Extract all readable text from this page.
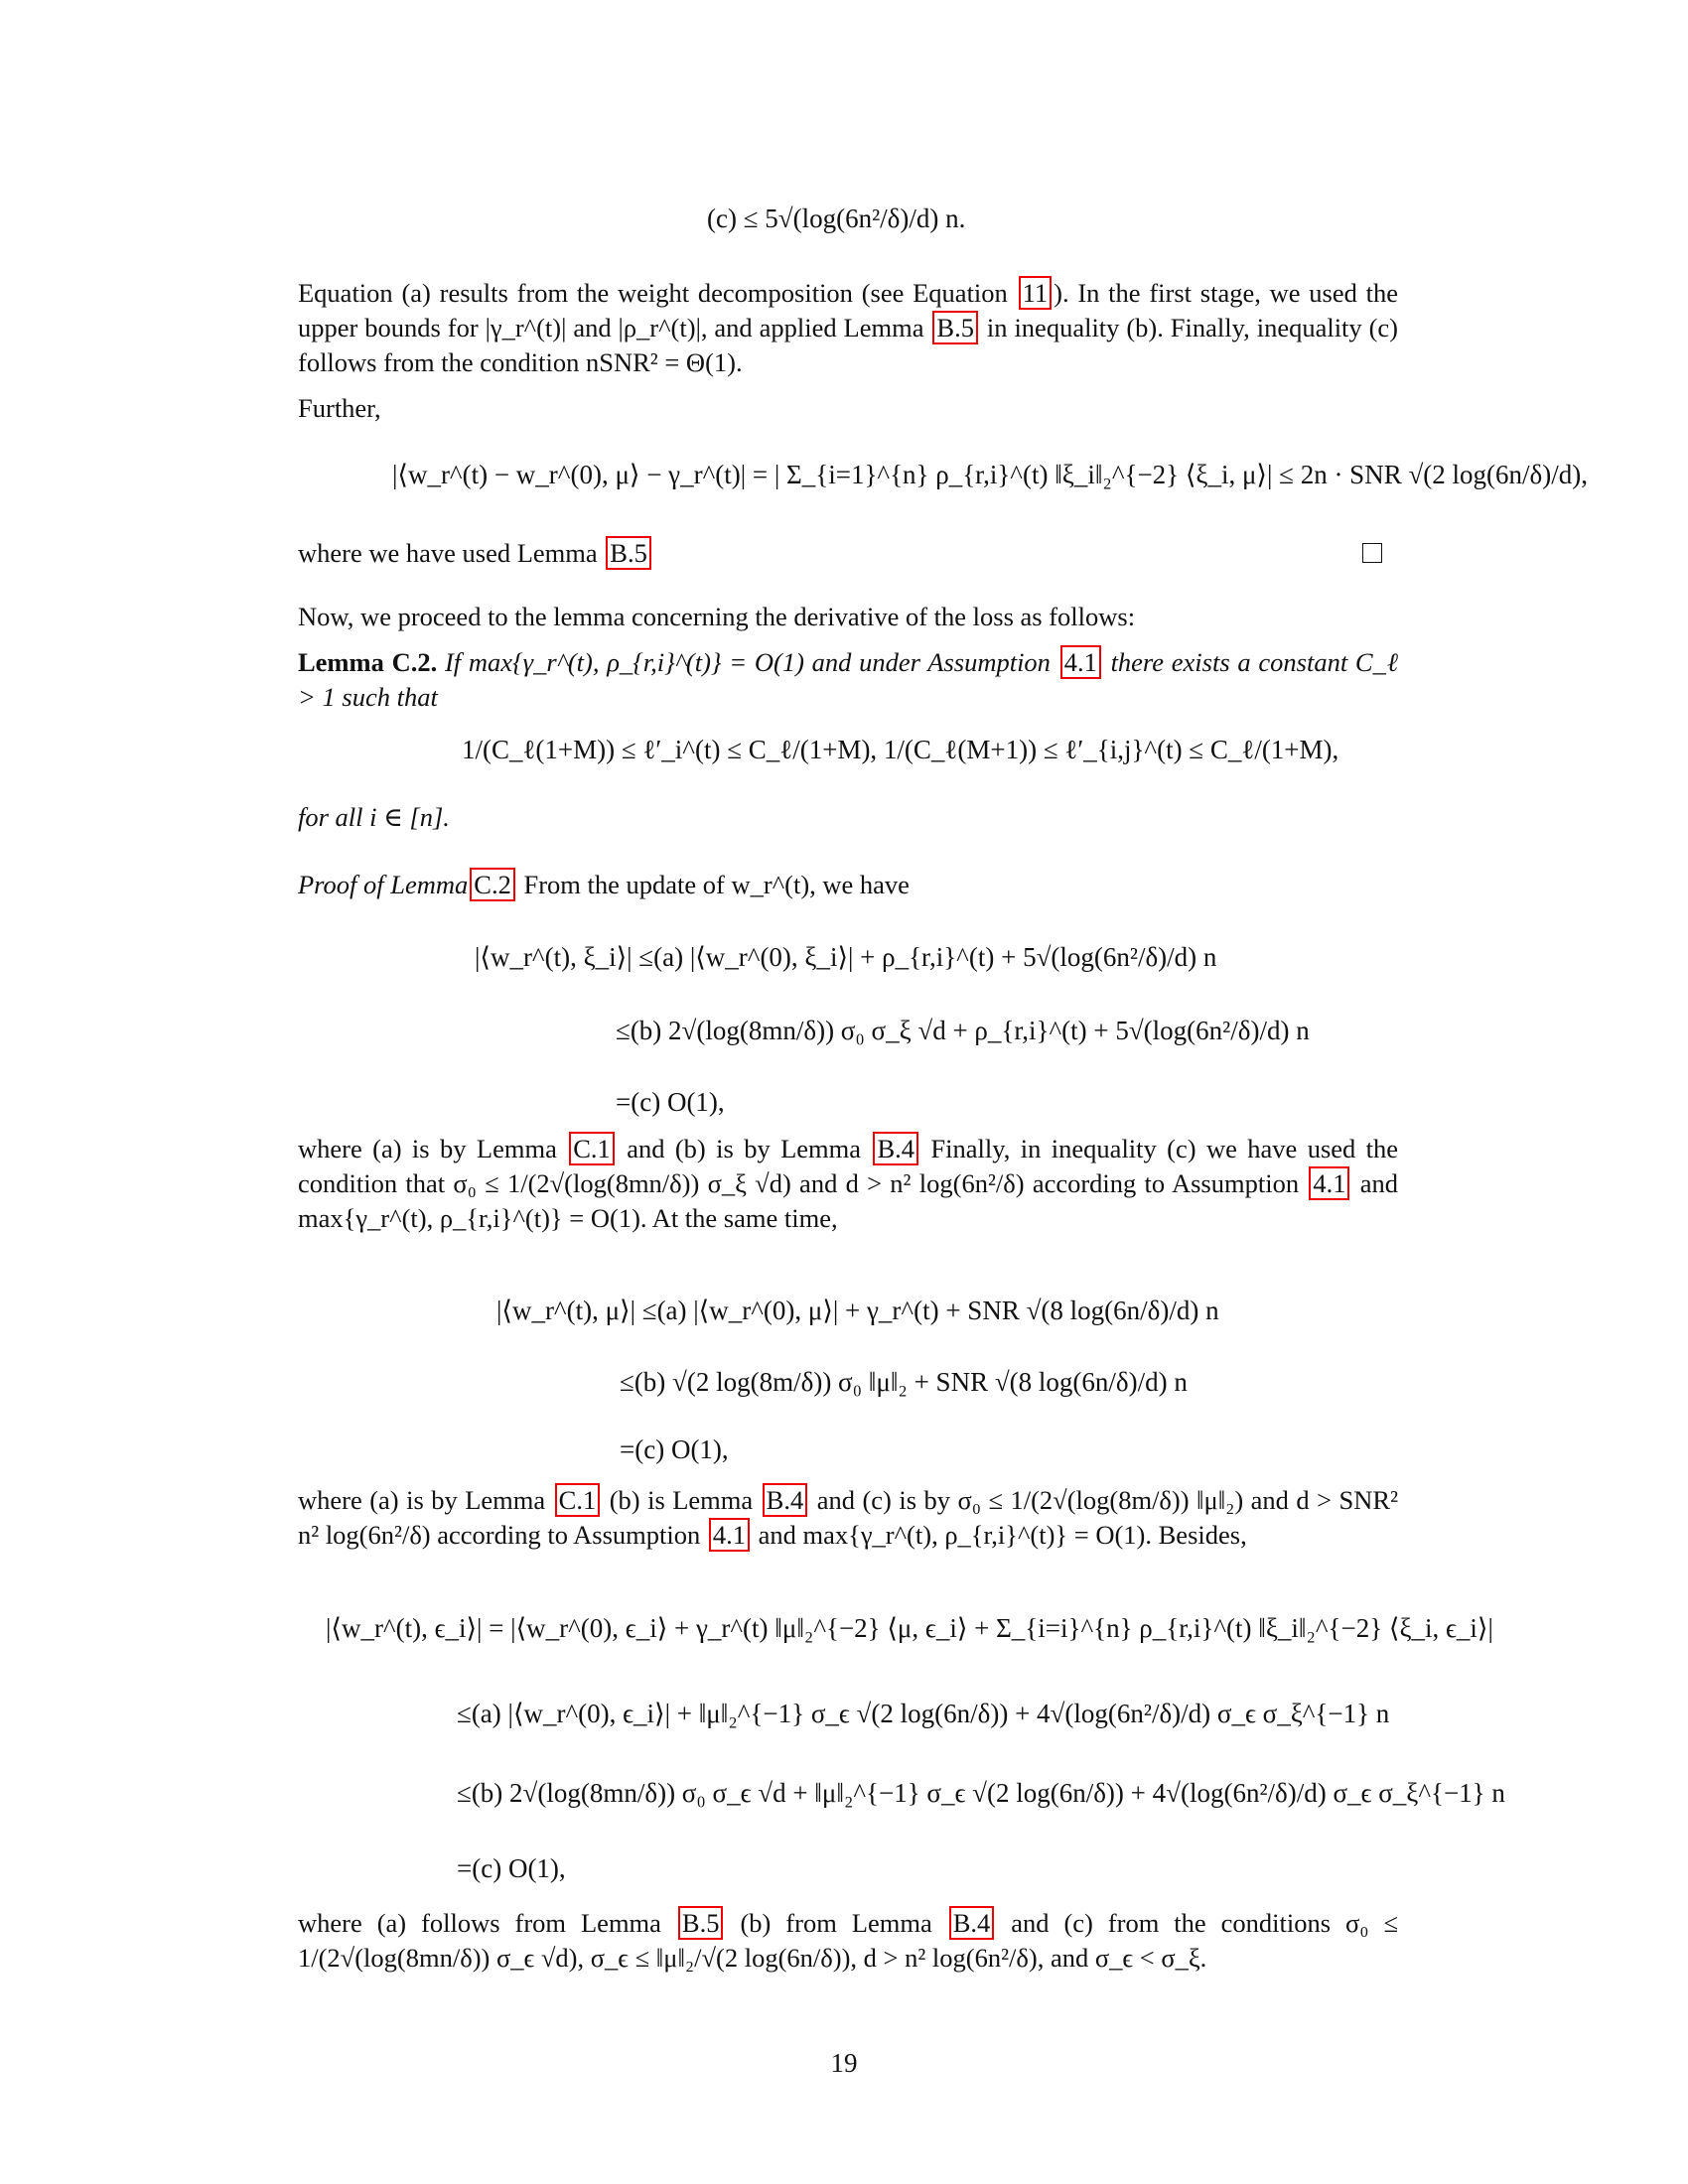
(c) ≤ 5√(log(6n²/δ)/d) n.
Equation (a) results from the weight decomposition (see Equation 11 ). In the first stage, we used the upper bounds for |γ_r^(t)| and |ρ_r^(t)|, and applied Lemma B.5 in inequality (b). Finally, inequality (c) follows from the condition nSNR² = Θ(1).
Further,
|⟨w_r^(t) − w_r^(0), μ⟩ − γ_r^(t)| = | Σ_{i=1}^{n} ρ_{r,i}^(t) ‖ξ_i‖₂^{−2} ⟨ξ_i, μ⟩| ≤ 2n · SNR √(2 log(6n/δ)/d),
where we have used Lemma B.5
Now, we proceed to the lemma concerning the derivative of the loss as follows:
Lemma C.2. If max{γ_r^(t), ρ_{r,i}^(t)} = O(1) and under Assumption 4.1 there exists a constant C_ℓ > 1 such that
1/(C_ℓ(1+M)) ≤ ℓ′_i^(t) ≤ C_ℓ/(1+M), 1/(C_ℓ(M+1)) ≤ ℓ′_{i,j}^(t) ≤ C_ℓ/(1+M),
for all i ∈ [n].
Proof of Lemma C.2 From the update of w_r^(t), we have
|⟨w_r^(t), ξ_i⟩| ≤(a) |⟨w_r^(0), ξ_i⟩| + ρ_{r,i}^(t) + 5√(log(6n²/δ)/d) n
≤(b) 2√(log(8mn/δ)) σ₀ σ_ξ √d + ρ_{r,i}^(t) + 5√(log(6n²/δ)/d) n
=(c) O(1),
where (a) is by Lemma C.1 and (b) is by Lemma B.4 Finally, in inequality (c) we have used the condition that σ₀ ≤ 1/(2√(log(8mn/δ)) σ_ξ √d) and d > n² log(6n²/δ) according to Assumption 4.1 and max{γ_r^(t), ρ_{r,i}^(t)} = O(1). At the same time,
|⟨w_r^(t), μ⟩| ≤(a) |⟨w_r^(0), μ⟩| + γ_r^(t) + SNR √(8 log(6n/δ)/d) n
≤(b) √(2 log(8m/δ)) σ₀ ‖μ‖₂ + SNR √(8 log(6n/δ)/d) n
=(c) O(1),
where (a) is by Lemma C.1 (b) is Lemma B.4 and (c) is by σ₀ ≤ 1/(2√(log(8m/δ)) ‖μ‖₂) and d > SNR² n² log(6n²/δ) according to Assumption 4.1 and max{γ_r^(t), ρ_{r,i}^(t)} = O(1). Besides,
|⟨w_r^(t), ϵ_i⟩| = |⟨w_r^(0), ϵ_i⟩ + γ_r^(t) ‖μ‖₂^{−2} ⟨μ, ϵ_i⟩ + Σ_{i=i}^{n} ρ_{r,i}^(t) ‖ξ_i‖₂^{−2} ⟨ξ_i, ϵ_i⟩|
≤(a) |⟨w_r^(0), ϵ_i⟩| + ‖μ‖₂^{−1} σ_ϵ √(2 log(6n/δ)) + 4√(log(6n²/δ)/d) σ_ϵ σ_ξ^{−1} n
≤(b) 2√(log(8mn/δ)) σ₀ σ_ϵ √d + ‖μ‖₂^{−1} σ_ϵ √(2 log(6n/δ)) + 4√(log(6n²/δ)/d) σ_ϵ σ_ξ^{−1} n
=(c) O(1),
where (a) follows from Lemma B.5 (b) from Lemma B.4 and (c) from the conditions σ₀ ≤ 1/(2√(log(8mn/δ)) σ_ϵ √d), σ_ϵ ≤ ‖μ‖₂/√(2 log(6n/δ)), d > n² log(6n²/δ), and σ_ϵ < σ_ξ.
19
